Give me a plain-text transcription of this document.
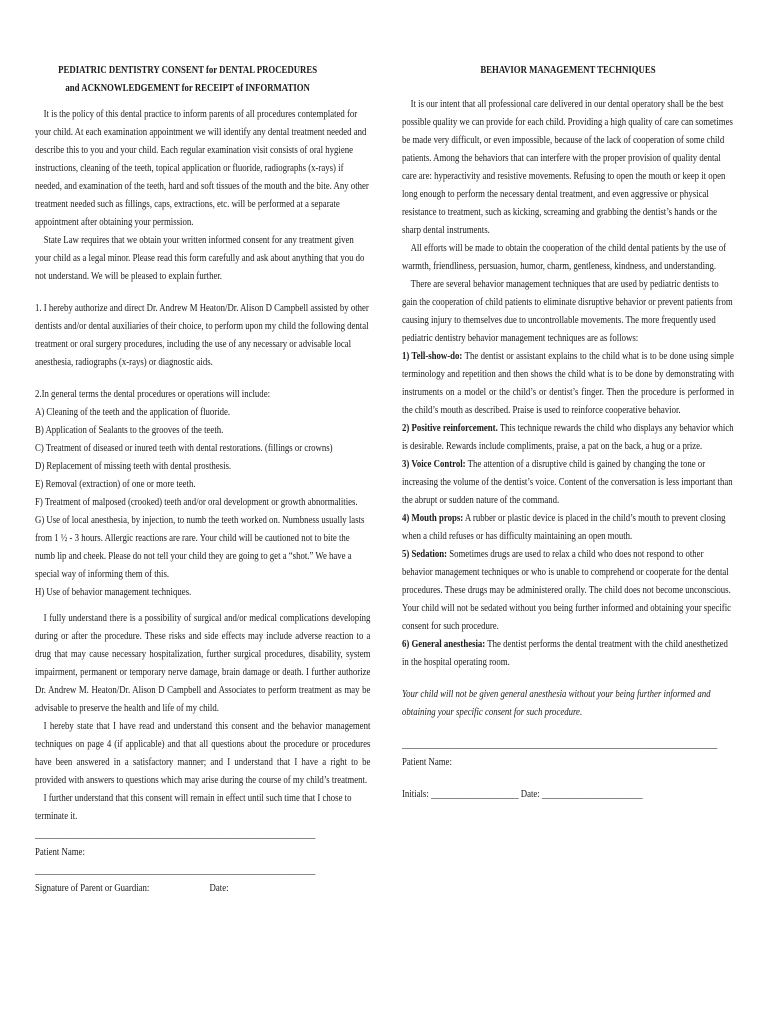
PEDIATRIC DENTISTRY CONSENT for DENTAL PROCEDURES

and ACKNOWLEDGEMENT for RECEIPT of INFORMATION

It is the policy of this dental practice to inform parents of all procedures contemplated for your child. At each examination appointment we will identify any dental treatment needed and describe this to you and your child. Each regular examination visit consists of oral hygiene instructions, cleaning of the teeth, topical application or fluoride, radiographs (x-rays) if needed, and examination of the teeth, hard and soft tissues of the mouth and the bite. Any other treatment needed such as fillings, caps, extractions, etc. will be performed at a separate appointment after obtaining your permission.

State Law requires that we obtain your written informed consent for any treatment given your child as a legal minor. Please read this form carefully and ask about anything that you do not understand. We will be pleased to explain further.

1. I hereby authorize and direct Dr. Andrew M Heaton/Dr. Alison D Campbell assisted by other dentists and/or dental auxiliaries of their choice, to perform upon my child the following dental treatment or oral surgery procedures, including the use of any necessary or advisable local anesthesia, radiographs (x-rays) or diagnostic aids.

2.In general terms the dental procedures or operations will include:

A) Cleaning of the teeth and the application of fluoride.
B) Application of Sealants to the grooves of the teeth.
C) Treatment of diseased or inured teeth with dental restorations. (fillings or crowns)
D) Replacement of missing teeth with dental prosthesis.
E) Removal (extraction) of one or more teeth.
F) Treatment of malposed (crooked) teeth and/or oral development or growth abnormalities.
G) Use of local anesthesia, by injection, to numb the teeth worked on. Numbness usually lasts from 1 ½ - 3 hours. Allergic reactions are rare. Your child will be cautioned not to bite the numb lip and cheek. Please do not tell your child they are going to get a “shot.” We have a special way of informing them of this.
H) Use of behavior management techniques.

I fully understand there is a possibility of surgical and/or medical complications developing during or after the procedure. These risks and side effects may include adverse reaction to a drug that may cause necessary hospitalization, further surgical procedures, disability, system impairment, permanent or temporary nerve damage, brain damage or death. I further authorize Dr. Andrew M. Heaton/Dr. Alison D Campbell and Associates to perform treatment as may be advisable to preserve the health and life of my child.

I hereby state that I have read and understand this consent and the behavior management techniques on page 4 (if applicable) and that all questions about the procedure or procedures have been answered in a satisfactory manner; and I understand that I have a right to be provided with answers to questions which may arise during the course of my child’s treatment.

I further understand that this consent will remain in effect until such time that I chose to terminate it.

________________________________________________________________

Patient Name:

________________________________________________________________

Signature of Parent or Guardian:	Date:

BEHAVIOR MANAGEMENT TECHNIQUES

It is our intent that all professional care delivered in our dental operatory shall be the best possible quality we can provide for each child. Providing a high quality of care can sometimes be made very difficult, or even impossible, because of the lack of cooperation of some child patients. Among the behaviors that can interfere with the proper provision of quality dental care are: hyperactivity and resistive movements. Refusing to open the mouth or keep it open long enough to perform the necessary dental treatment, and even aggressive or physical resistance to treatment, such as kicking, screaming and grabbing the dentist’s hands or the sharp dental instruments.

All efforts will be made to obtain the cooperation of the child dental patients by the use of warmth, friendliness, persuasion, humor, charm, gentleness, kindness, and understanding.

There are several behavior management techniques that are used by pediatric dentists to gain the cooperation of child patients to eliminate disruptive behavior or prevent patients from causing injury to themselves due to uncontrollable movements. The more frequently used pediatric dentistry behavior management techniques are as follows:

1) Tell-show-do: The dentist or assistant explains to the child what is to be done using simple terminology and repetition and then shows the child what is to be done by demonstrating with instruments on a model or the child’s or dentist’s finger. Then the procedure is performed in the child’s mouth as described. Praise is used to reinforce cooperative behavior.

2) Positive reinforcement. This technique rewards the child who displays any behavior which is desirable. Rewards include compliments, praise, a pat on the back, a hug or a prize.

3) Voice Control: The attention of a disruptive child is gained by changing the tone or increasing the volume of the dentist’s voice. Content of the conversation is less important than the abrupt or sudden nature of the command.

4) Mouth props: A rubber or plastic device is placed in the child’s mouth to prevent closing when a child refuses or has difficulty maintaining an open mouth.

5) Sedation: Sometimes drugs are used to relax a child who does not respond to other behavior management techniques or who is unable to comprehend or cooperate for the dental procedures. These drugs may be administered orally. The child does not become unconscious. Your child will not be sedated without you being further informed and obtaining your specific consent for such procedure.

6) General anesthesia: The dentist performs the dental treatment with the child anesthetized in the hospital operating room.

Your child will not be given general anesthesia without your being further informed and obtaining your specific consent for such procedure.

________________________________________________________________________

Patient Name:

Initials: ____________________ Date: _______________________
